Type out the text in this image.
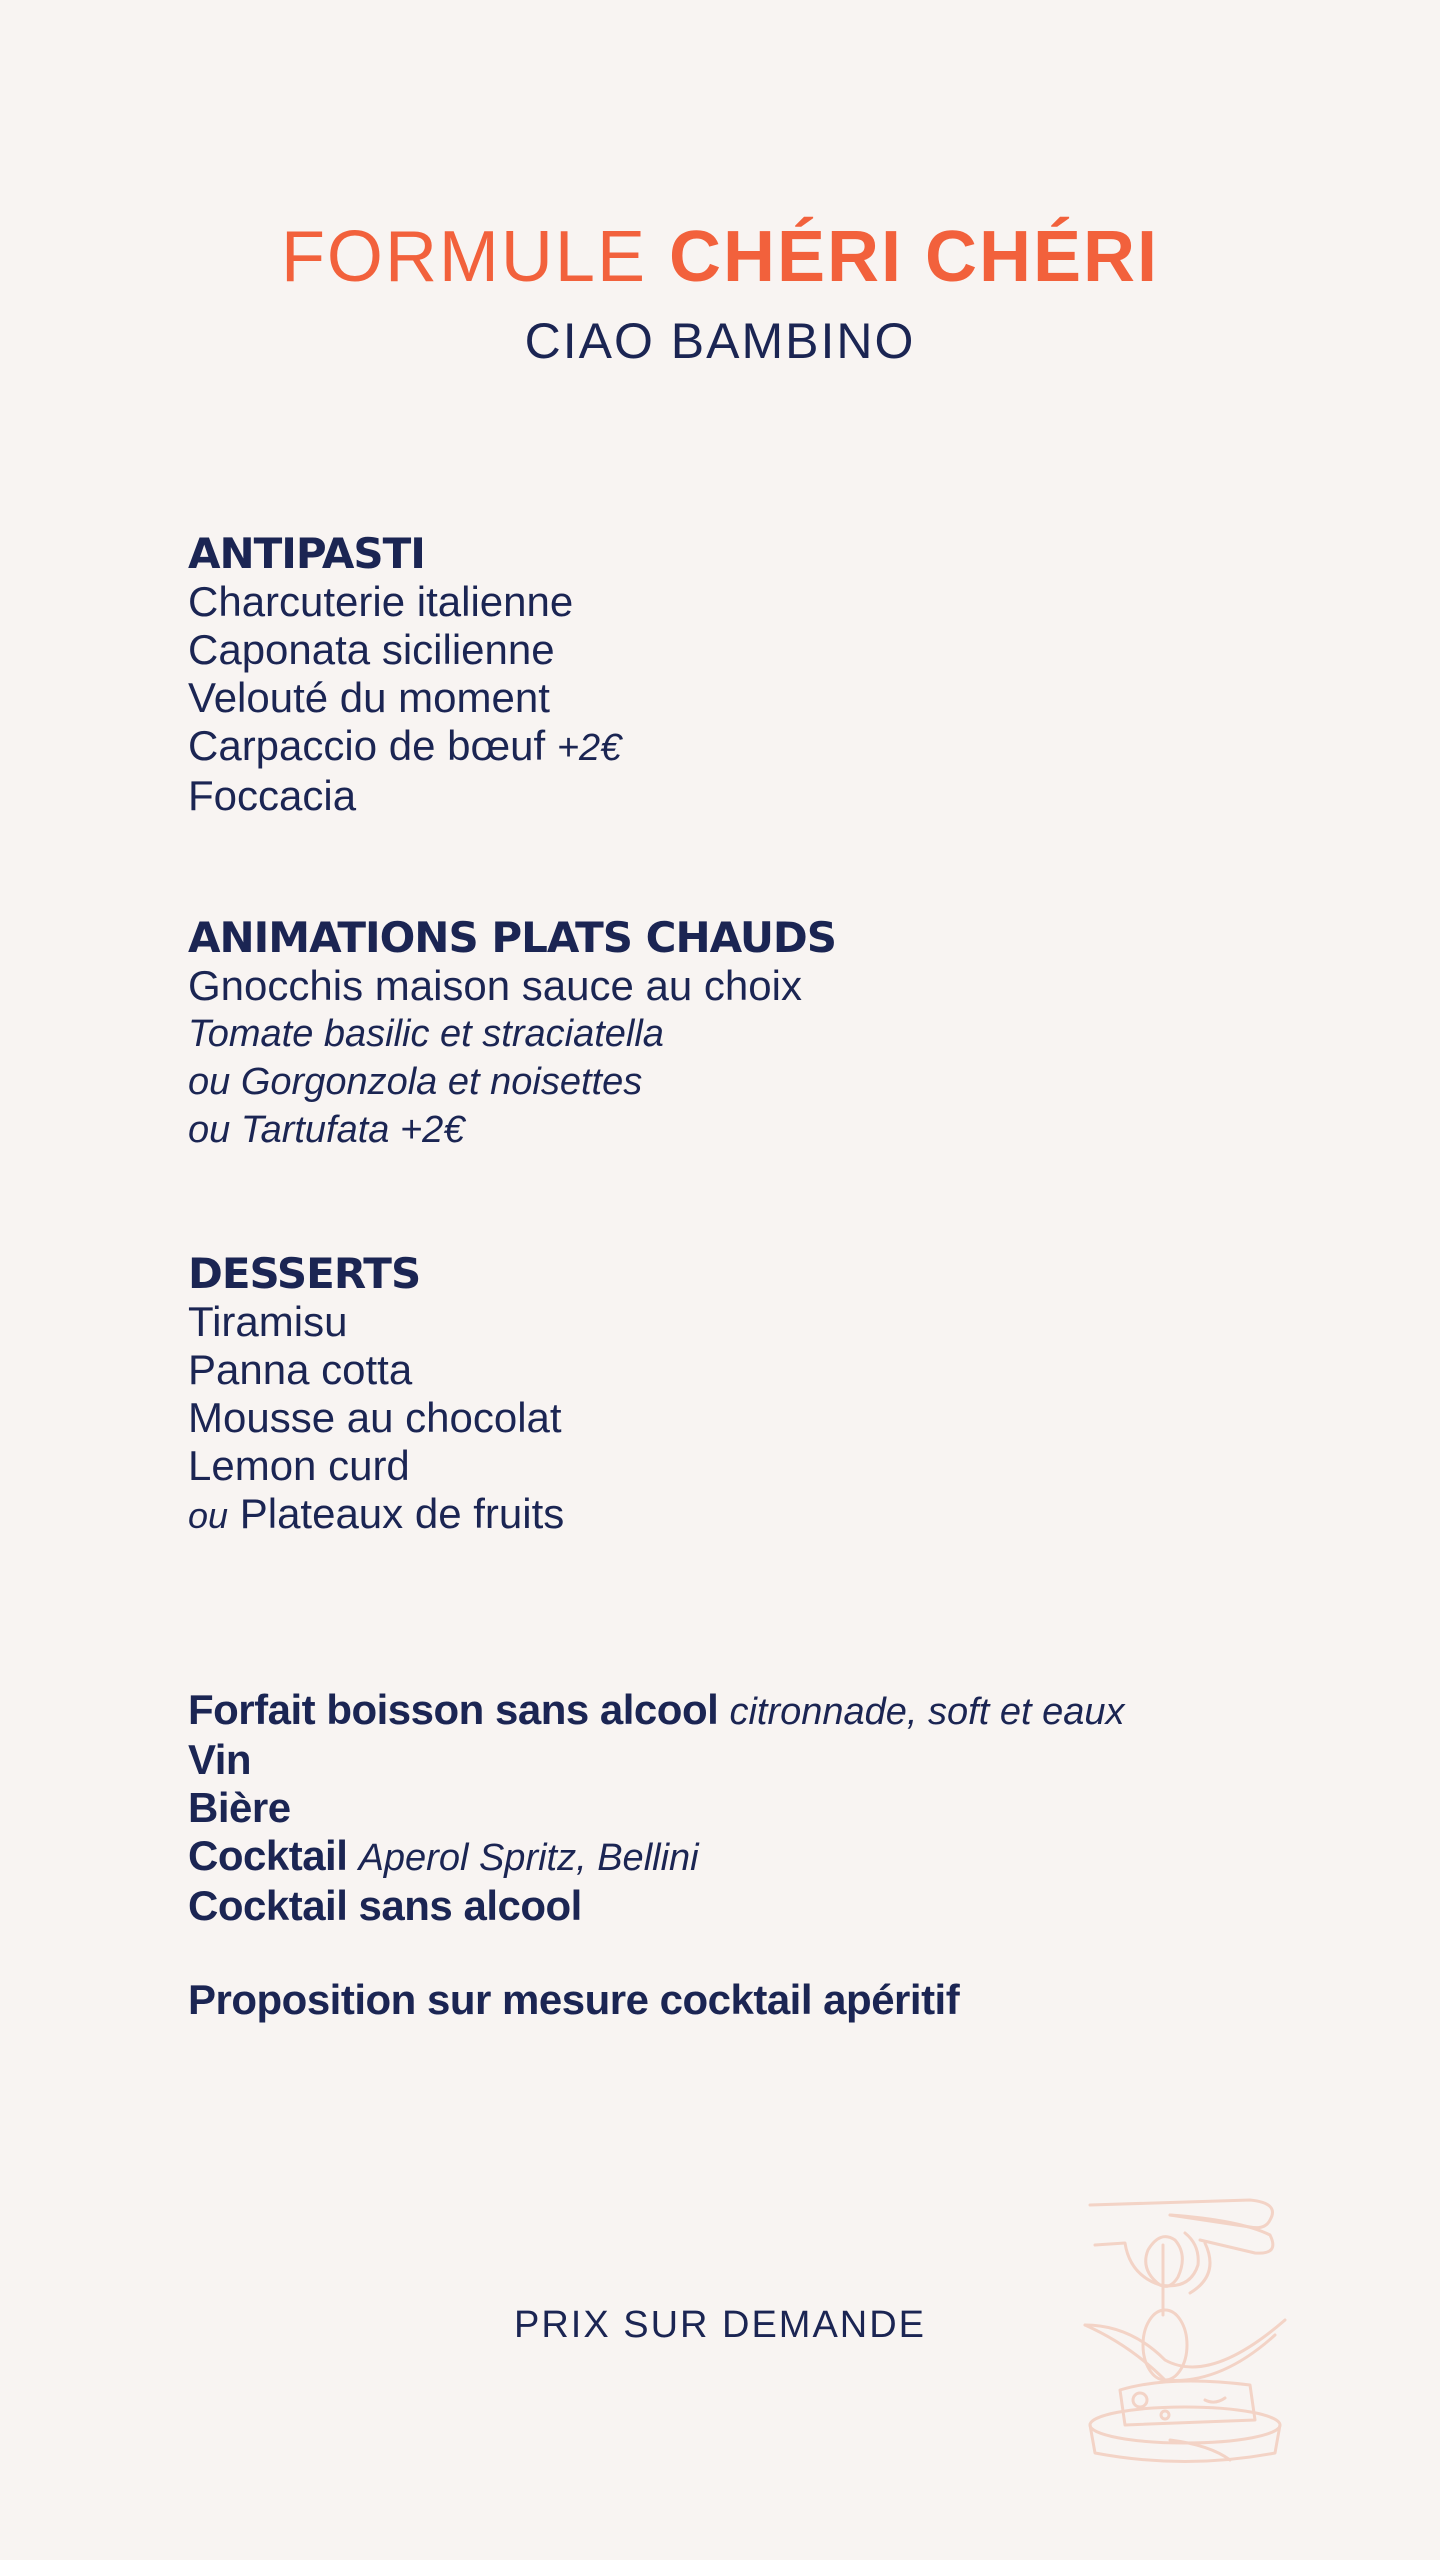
FORMULE CHÉRI CHÉRI
CIAO BAMBINO
ANTIPASTI
Charcuterie italienne
Caponata sicilienne
Velouté du moment
Carpaccio de bœuf +2€
Foccacia
ANIMATIONS PLATS CHAUDS
Gnocchis maison sauce au choix
Tomate basilic et straciatella
ou Gorgonzola et noisettes
ou Tartufata +2€
DESSERTS
Tiramisu
Panna cotta
Mousse au chocolat
Lemon curd
ou Plateaux de fruits
Forfait boisson sans alcool citronnade, soft et eaux
Vin
Bière
Cocktail Aperol Spritz, Bellini
Cocktail sans alcool
Proposition sur mesure cocktail apéritif
PRIX SUR DEMANDE
